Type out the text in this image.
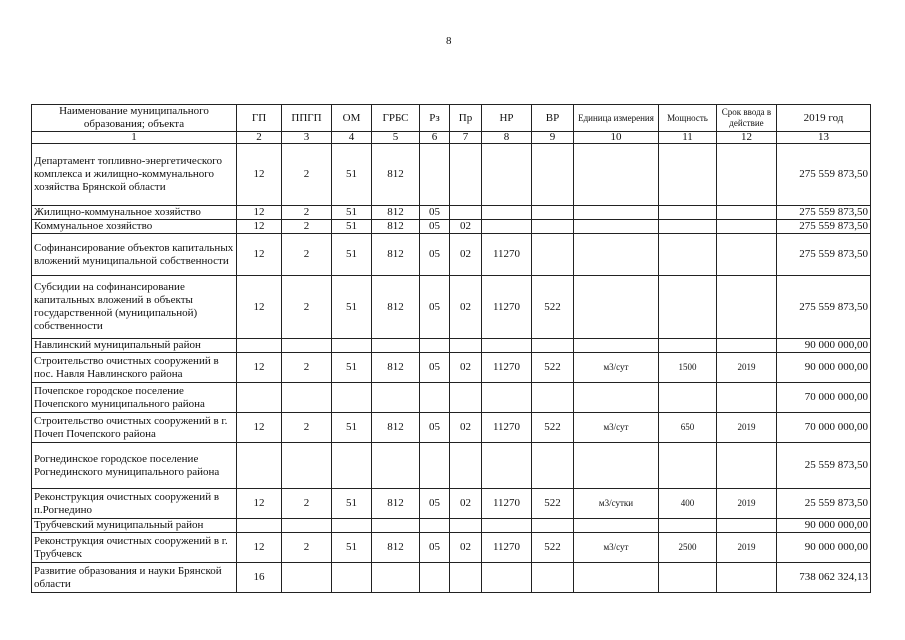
8
Наименование муниципального образования; объекта	ГП	ППГП	ОМ	ГРБС	Рз	Пр	НР	ВР	Единица измерения	Мощность	Срок ввода в действие	2019 год
1	2	3	4	5	6	7	8	9	10	11	12	13
Департамент топливно-энергетического комплекса и жилищно-коммунального хозяйства Брянской области	12	2	51	812								275 559 873,50
Жилищно-коммунальное хозяйство	12	2	51	812	05							275 559 873,50
Коммунальное хозяйство	12	2	51	812	05	02						275 559 873,50
Софинансирование объектов капитальных вложений муниципальной собственности	12	2	51	812	05	02	11270					275 559 873,50
Субсидии на софинансирование капитальных вложений в объекты государственной (муниципальной) собственности	12	2	51	812	05	02	11270	522				275 559 873,50
Навлинский муниципальный район												90 000 000,00
Строительство очистных сооружений в пос. Навля Навлинского района	12	2	51	812	05	02	11270	522	м3/сут	1500	2019	90 000 000,00
Почепское городское поселение Почепского муниципального района												70 000 000,00
Строительство очистных сооружений в г. Почеп Почепского района	12	2	51	812	05	02	11270	522	м3/сут	650	2019	70 000 000,00
Рогнединское городское поселение Рогнединского муниципального района												25 559 873,50
Реконструкция очистных сооружений в п.Рогнедино	12	2	51	812	05	02	11270	522	м3/сутки	400	2019	25 559 873,50
Трубчевский муниципальный район												90 000 000,00
Реконструкция очистных сооружений в г. Трубчевск	12	2	51	812	05	02	11270	522	м3/сут	2500	2019	90 000 000,00
Развитие образования и науки Брянской области	16											738 062 324,13
